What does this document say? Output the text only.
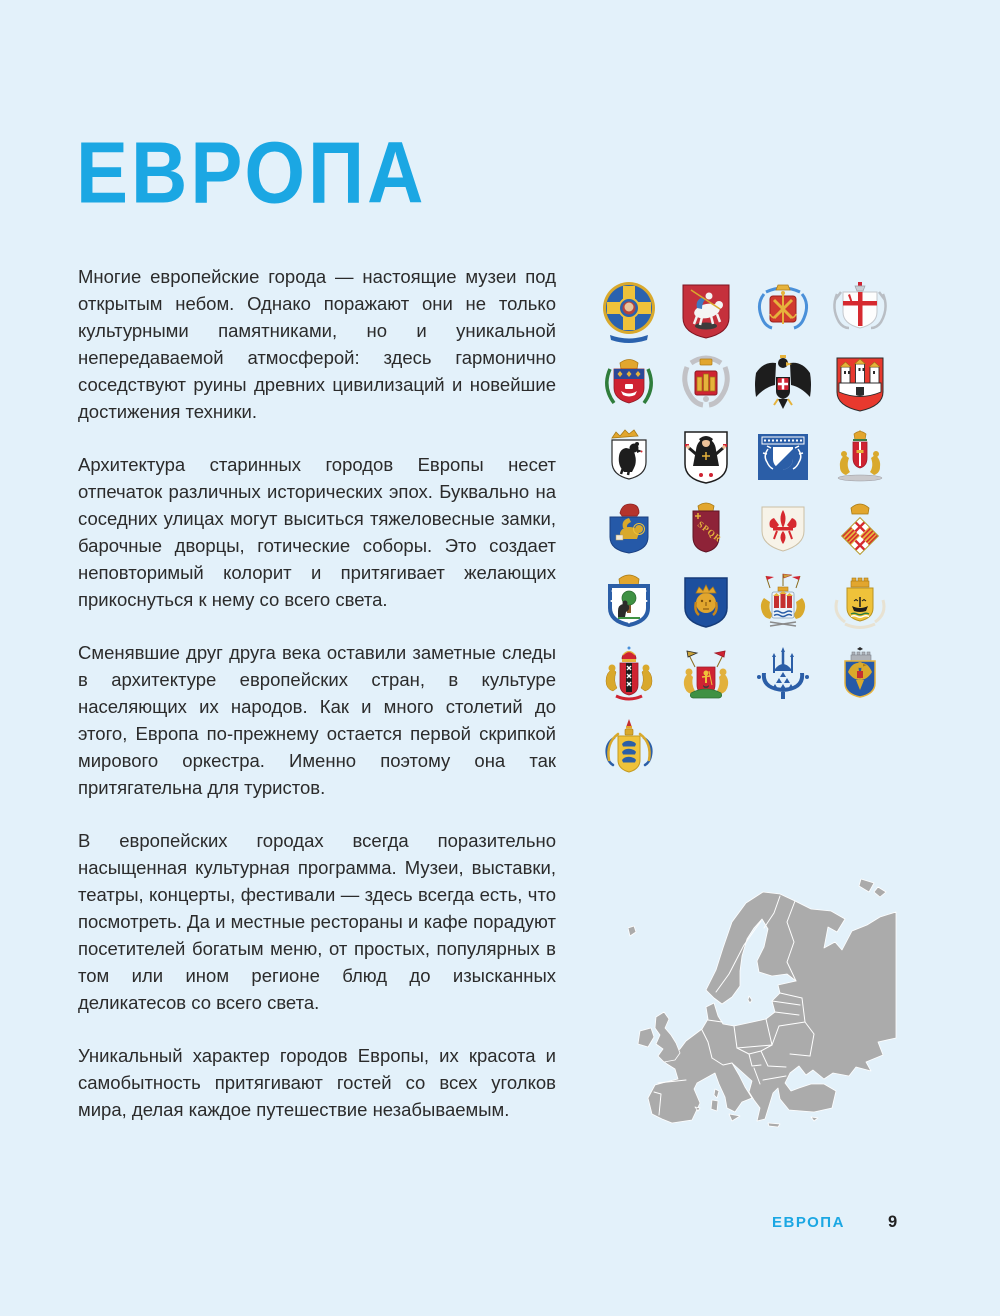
ЕВРОПА

Многие европейские города — настоящие музеи под открытым небом. Однако поражают они не только культурными памятниками, но и уникальной непередаваемой атмосферой: здесь гармонично соседствуют руины древних цивилизаций и новейшие достижения техники.

Архитектура старинных городов Европы несет отпечаток различных исторических эпох. Буквально на соседних улицах могут выситься тяжеловесные замки, барочные дворцы, готические соборы. Это создает неповторимый колорит и притягивает желающих прикоснуться к нему со всего света.

Сменявшие друг друга века оставили заметные следы в архитектуре европейских стран, в культуре населяющих их народов. Как и много столетий до этого, Европа по-прежнему остается первой скрипкой мирового оркестра. Именно поэтому она так притягательна для туристов.

В европейских городах всегда поразительно насыщенная культурная программа. Музеи, выставки, театры, концерты, фестивали — здесь всегда есть, что посмотреть. Да и местные рестораны и кафе порадуют посетителей богатым меню, от простых, популярных в том или ином регионе блюд до изысканных деликатесов со всего света.

Уникальный характер городов Европы, их красота и самобытность притягивают гостей со всех уголков мира, делая каждое путешествие незабываемым.

SPQR
ЕВРОПА	9
